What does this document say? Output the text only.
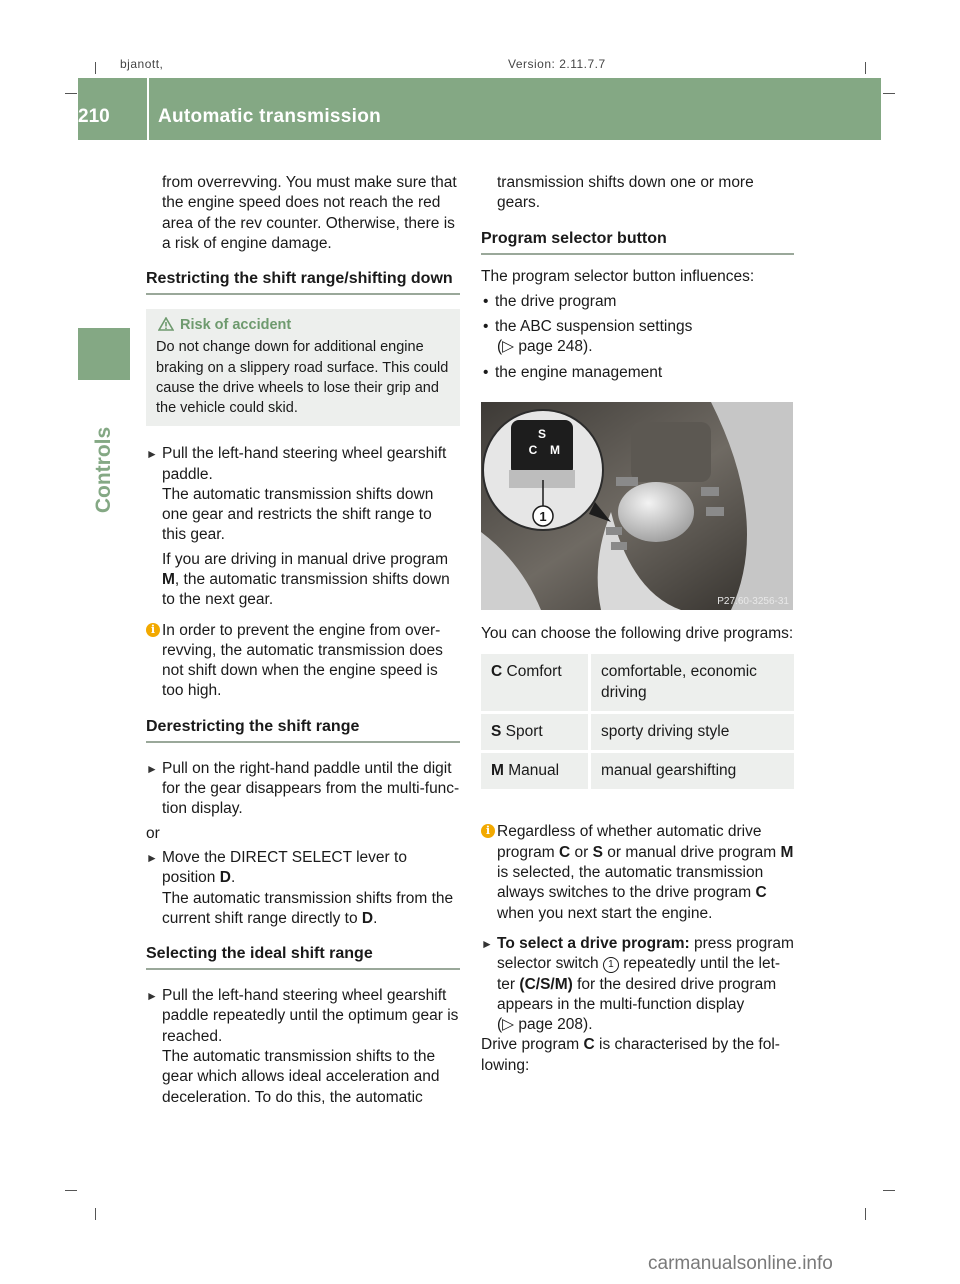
bjanott,	Version: 2.11.7.7
210	Automatic transmission
Controls

from overrevving. You must make sure that the engine speed does not reach the red area of the rev counter. Otherwise, there is a risk of engine damage.

Restricting the shift range/shifting down
Risk of accident

Do not change down for additional engine braking on a slippery road surface. This could cause the drive wheels to lose their grip and the vehicle could skid.

► Pull the left-hand steering wheel gearshift paddle.

The automatic transmission shifts down one gear and restricts the shift range to this gear.

If you are driving in manual drive program M, the automatic transmission shifts down to the next gear.

i In order to prevent the engine from over- revving, the automatic transmission does not shift down when the engine speed is too high.

Derestricting the shift range
► Pull on the right-hand paddle until the digit for the gear disappears from the multi-func- tion display.

or

► Move the DIRECT SELECT lever to position D.

The automatic transmission shifts from the current shift range directly to D.

Selecting the ideal shift range
► Pull the left-hand steering wheel gearshift paddle repeatedly until the optimum gear is reached.

The automatic transmission shifts to the gear which allows ideal acceleration and deceleration. To do this, the automatic

transmission shifts down one or more gears.

Program selector button

The program selector button influences:

• the drive program
• the ABC suspension settings
(▷ page 248).
• the engine management
S
C M
1
P27.60-3256-31

You can choose the following drive programs:

C Comfort	comfortable, economic driving
S Sport	sporty driving style
M Manual	manual gearshifting
i Regardless of whether automatic drive program C or S or manual drive program M is selected, the automatic transmission always switches to the drive program C when you next start the engine.

► To select a drive program: press program selector switch 1 repeatedly until the let- ter (C/S/M) for the desired drive program appears in the multi-function display

(▷ page 208).

Drive program C is characterised by the fol- lowing:

carmanualsonline.info
